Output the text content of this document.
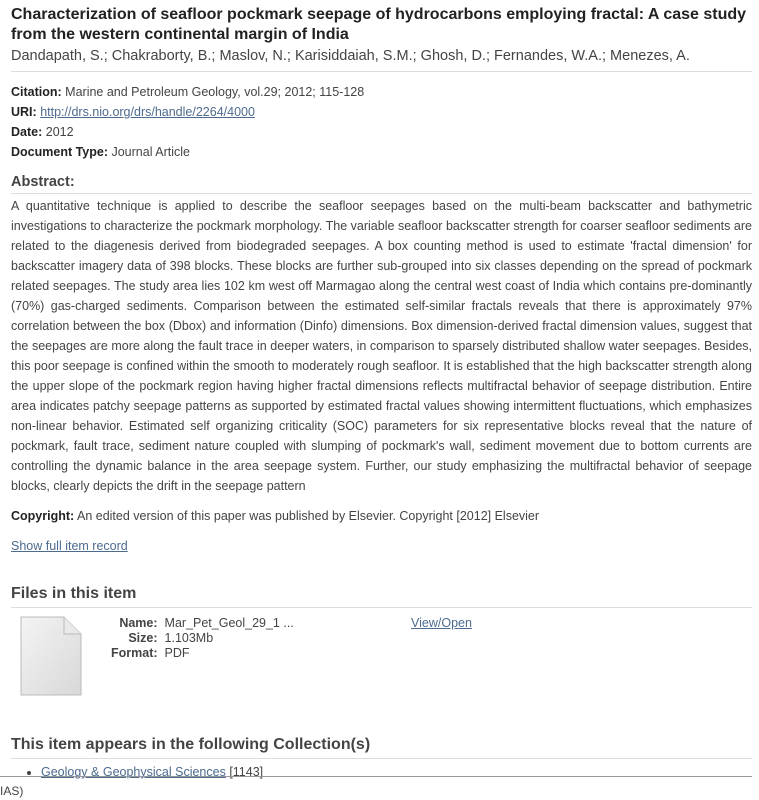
Characterization of seafloor pockmark seepage of hydrocarbons employing fractal: A case study from the western continental margin of India
Dandapath, S.; Chakraborty, B.; Maslov, N.; Karisiddaiah, S.M.; Ghosh, D.; Fernandes, W.A.; Menezes, A.
Citation: Marine and Petroleum Geology, vol.29; 2012; 115-128
URI: http://drs.nio.org/drs/handle/2264/4000
Date: 2012
Document Type: Journal Article
Abstract:
A quantitative technique is applied to describe the seafloor seepages based on the multi-beam backscatter and bathymetric investigations to characterize the pockmark morphology. The variable seafloor backscatter strength for coarser seafloor sediments are related to the diagenesis derived from biodegraded seepages. A box counting method is used to estimate 'fractal dimension' for backscatter imagery data of 398 blocks. These blocks are further sub-grouped into six classes depending on the spread of pockmark related seepages. The study area lies 102 km west off Marmagao along the central west coast of India which contains pre-dominantly (70%) gas-charged sediments. Comparison between the estimated self-similar fractals reveals that there is approximately 97% correlation between the box (Dbox) and information (Dinfo) dimensions. Box dimension-derived fractal dimension values, suggest that the seepages are more along the fault trace in deeper waters, in comparison to sparsely distributed shallow water seepages. Besides, this poor seepage is confined within the smooth to moderately rough seafloor. It is established that the high backscatter strength along the upper slope of the pockmark region having higher fractal dimensions reflects multifractal behavior of seepage distribution. Entire area indicates patchy seepage patterns as supported by estimated fractal values showing intermittent fluctuations, which emphasizes non-linear behavior. Estimated self organizing criticality (SOC) parameters for six representative blocks reveal that the nature of pockmark, fault trace, sediment nature coupled with slumping of pockmark's wall, sediment movement due to bottom currents are controlling the dynamic balance in the area seepage system. Further, our study emphasizing the multifractal behavior of seepage blocks, clearly depicts the drift in the seepage pattern
Copyright: An edited version of this paper was published by Elsevier. Copyright [2012] Elsevier
Show full item record
Files in this item
Name:	Mar_Pet_Geol_29_1 ...
Size:	1.103Mb
Format:	PDF
View/Open
This item appears in the following Collection(s)
• Geology & Geophysical Sciences [1143]
IAS)
